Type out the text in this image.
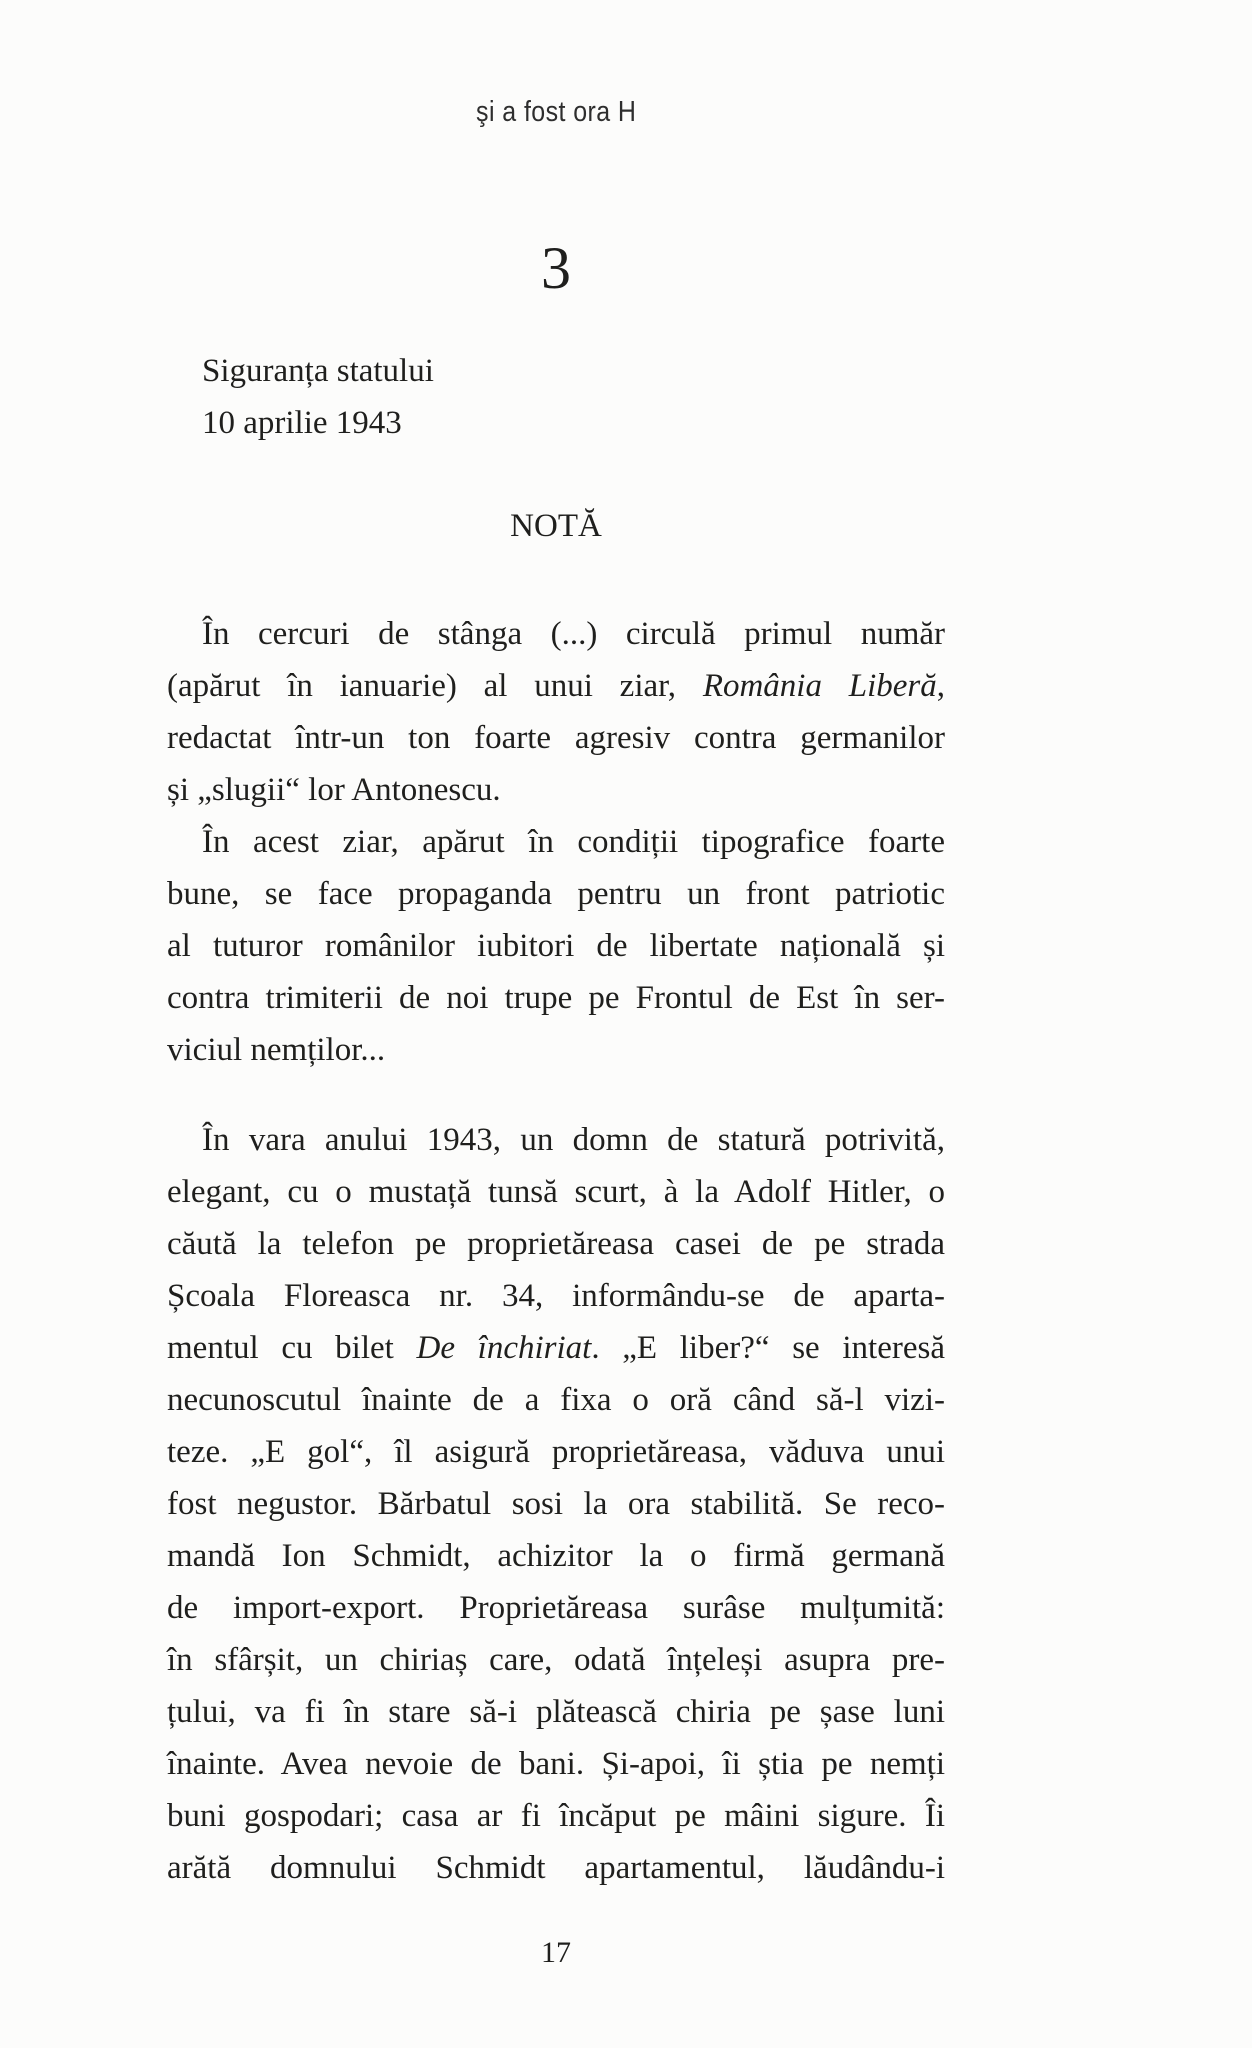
şi a fost ora H
3
Siguranța statului
10 aprilie 1943
NOTĂ
În cercuri de stânga (...) circulă primul număr
(apărut în ianuarie) al unui ziar, România Liberă,
redactat într-un ton foarte agresiv contra germanilor
și „slugii“ lor Antonescu.
În acest ziar, apărut în condiții tipografice foarte
bune, se face propaganda pentru un front patriotic
al tuturor românilor iubitori de libertate națională și
contra trimiterii de noi trupe pe Frontul de Est în ser-
viciul nemților...
În vara anului 1943, un domn de statură potrivită,
elegant, cu o mustață tunsă scurt, à la Adolf Hitler, o
căută la telefon pe proprietăreasa casei de pe strada
Școala Floreasca nr. 34, informându-se de aparta-
mentul cu bilet De închiriat. „E liber?“ se interesă
necunoscutul înainte de a fixa o oră când să-l vizi-
teze. „E gol“, îl asigură proprietăreasa, văduva unui
fost negustor. Bărbatul sosi la ora stabilită. Se reco-
mandă Ion Schmidt, achizitor la o firmă germană
de import-export. Proprietăreasa surâse mulțumită:
în sfârșit, un chiriaș care, odată înțeleși asupra pre-
țului, va fi în stare să-i plătească chiria pe șase luni
înainte. Avea nevoie de bani. Și-apoi, îi știa pe nemți
buni gospodari; casa ar fi încăput pe mâini sigure. Îi
arătă domnului Schmidt apartamentul, lăudându-i
17
